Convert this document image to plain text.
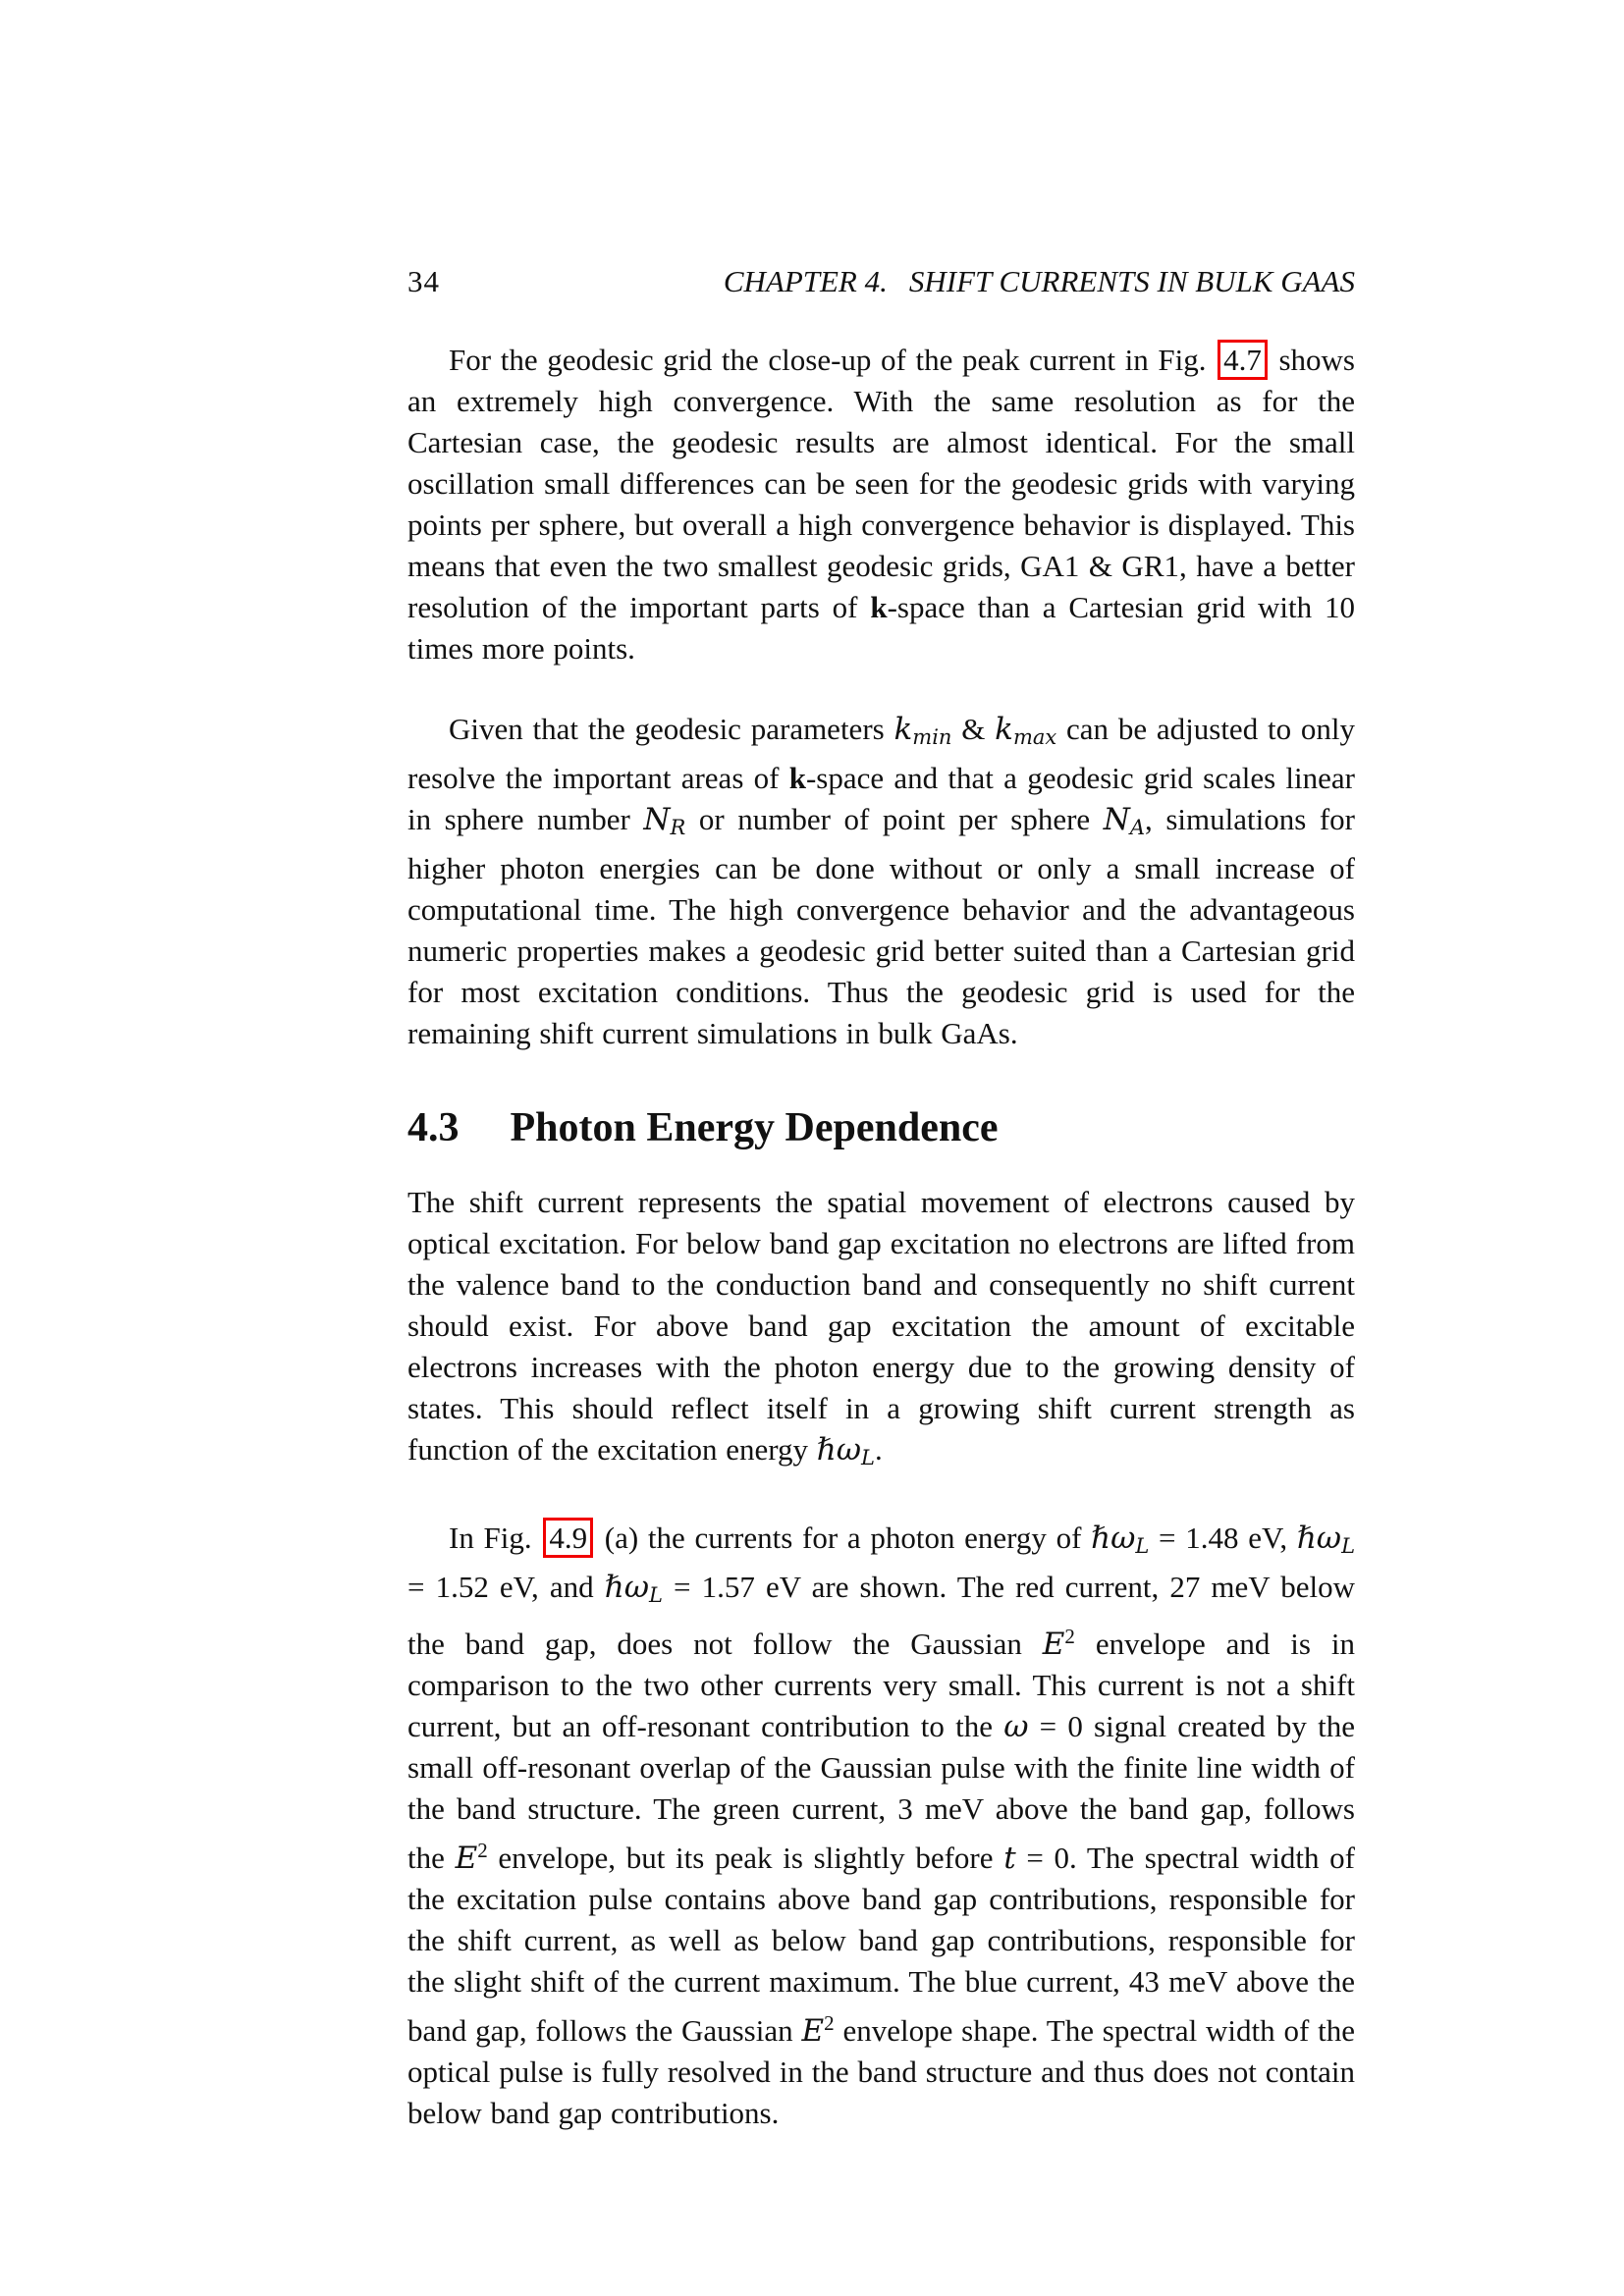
34	CHAPTER 4. SHIFT CURRENTS IN BULK GAAS

For the geodesic grid the close-up of the peak current in Fig. 4.7 shows an extremely high convergence. With the same resolution as for the Cartesian case, the geodesic results are almost identical. For the small oscillation small differences can be seen for the geodesic grids with varying points per sphere, but overall a high convergence behavior is displayed. This means that even the two smallest geodesic grids, GA1 & GR1, have a better resolution of the important parts of k-space than a Cartesian grid with 10 times more points.

Given that the geodesic parameters kmin & kmax can be adjusted to only resolve the important areas of k-space and that a geodesic grid scales linear in sphere number NR or number of point per sphere NA, simulations for higher photon energies can be done without or only a small increase of computational time. The high convergence behavior and the advantageous numeric properties makes a geodesic grid better suited than a Cartesian grid for most excitation conditions. Thus the geodesic grid is used for the remaining shift current simulations in bulk GaAs.

4.3 Photon Energy Dependence

The shift current represents the spatial movement of electrons caused by optical excitation. For below band gap excitation no electrons are lifted from the valence band to the conduction band and consequently no shift current should exist. For above band gap excitation the amount of excitable electrons increases with the photon energy due to the growing density of states. This should reflect itself in a growing shift current strength as function of the excitation energy ℏωL.

In Fig. 4.9 (a) the currents for a photon energy of ℏωL = 1.48 eV, ℏωL = 1.52 eV, and ℏωL = 1.57 eV are shown. The red current, 27 meV below the band gap, does not follow the Gaussian $E^2$ envelope and is in comparison to the two other currents very small. This current is not a shift current, but an off-resonant contribution to the ω = 0 signal created by the small off-resonant overlap of the Gaussian pulse with the finite line width of the band structure. The green current, 3 meV above the band gap, follows the $E^2$ envelope, but its peak is slightly before t = 0. The spectral width of the excitation pulse contains above band gap contributions, responsible for the shift current, as well as below band gap contributions, responsible for the slight shift of the current maximum. The blue current, 43 meV above the band gap, follows the Gaussian $E^2$ envelope shape. The spectral width of the optical pulse is fully resolved in the band structure and thus does not contain below band gap contributions.
